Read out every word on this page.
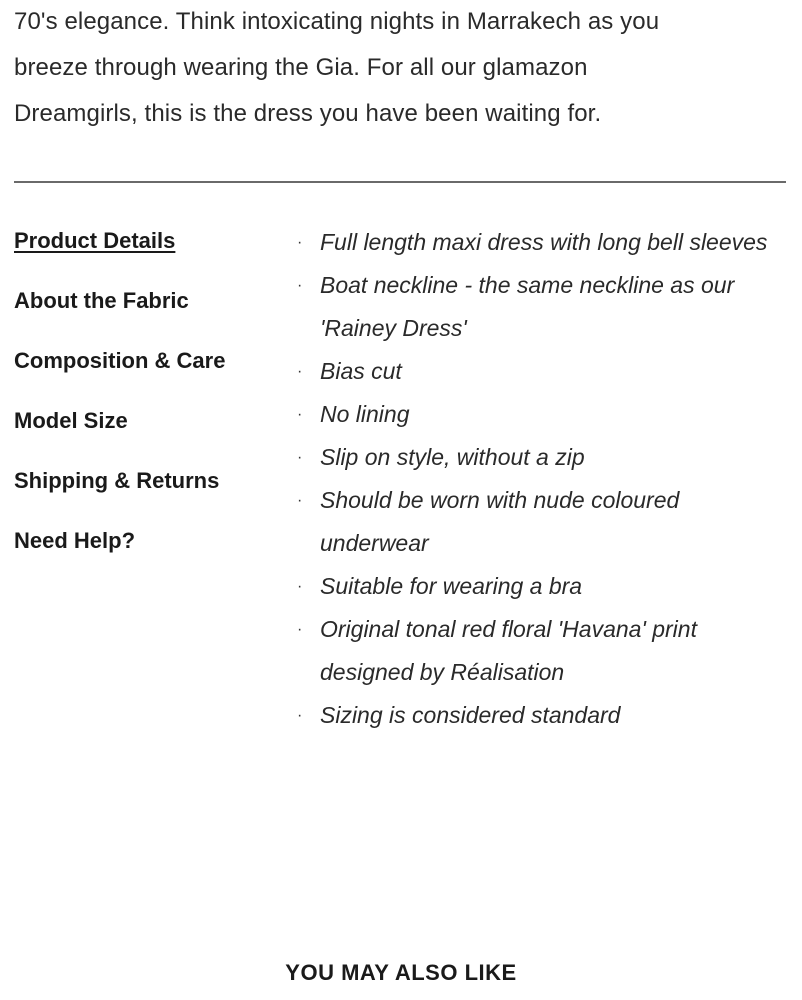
70's elegance. Think intoxicating nights in Marrakech as you

breeze through wearing the Gia. For all our glamazon

Dreamgirls, this is the dress you have been waiting for.

Product Details
About the Fabric
Composition & Care
Model Size
Shipping & Returns
Need Help?
· Full length maxi dress with long bell sleeves
· Boat neckline - the same neckline as our 'Rainey Dress'
· Bias cut
· No lining
· Slip on style, without a zip
· Should be worn with nude coloured underwear
· Suitable for wearing a bra
· Original tonal red floral 'Havana' print designed by Réalisation
· Sizing is considered standard
YOU MAY ALSO LIKE
